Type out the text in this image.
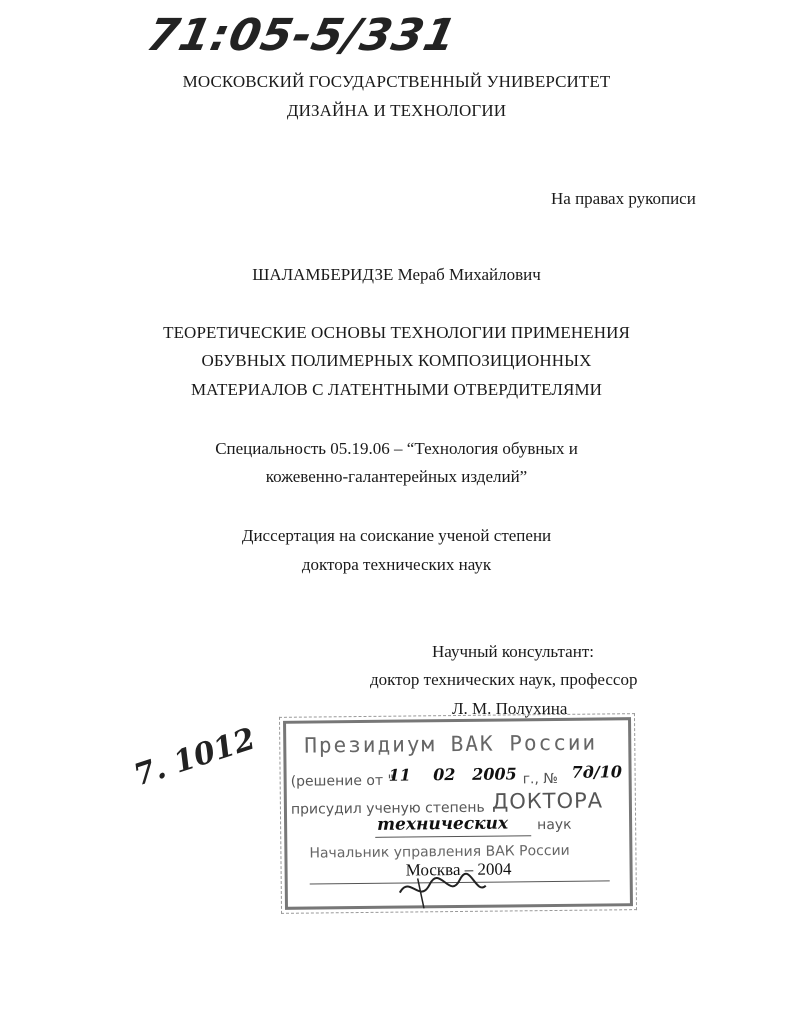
71:05-5/331
МОСКОВСКИЙ ГОСУДАРСТВЕННЫЙ УНИВЕРСИТЕТ
ДИЗАЙНА И ТЕХНОЛОГИИ
На правах рукописи
ШАЛАМБЕРИДЗЕ Мераб Михайлович
ТЕОРЕТИЧЕСКИЕ ОСНОВЫ ТЕХНОЛОГИИ ПРИМЕНЕНИЯ
ОБУВНЫХ ПОЛИМЕРНЫХ КОМПОЗИЦИОННЫХ
МАТЕРИАЛОВ С ЛАТЕНТНЫМИ ОТВЕРДИТЕЛЯМИ
Специальность 05.19.06 – “Технология обувных и
кожевенно-галантерейных изделий”
Диссертация на соискание ученой степени
доктора технических наук
Научный консультант:
доктор технических наук, профессор
Л. М. Полухина
Президиум ВАК России
(решение от "
11 02 2005 г., № 7д/10
присудил ученую степень ДОКТОРА
технических наук
Начальник управления ВАК России
Москва – 2004
7. 1012
